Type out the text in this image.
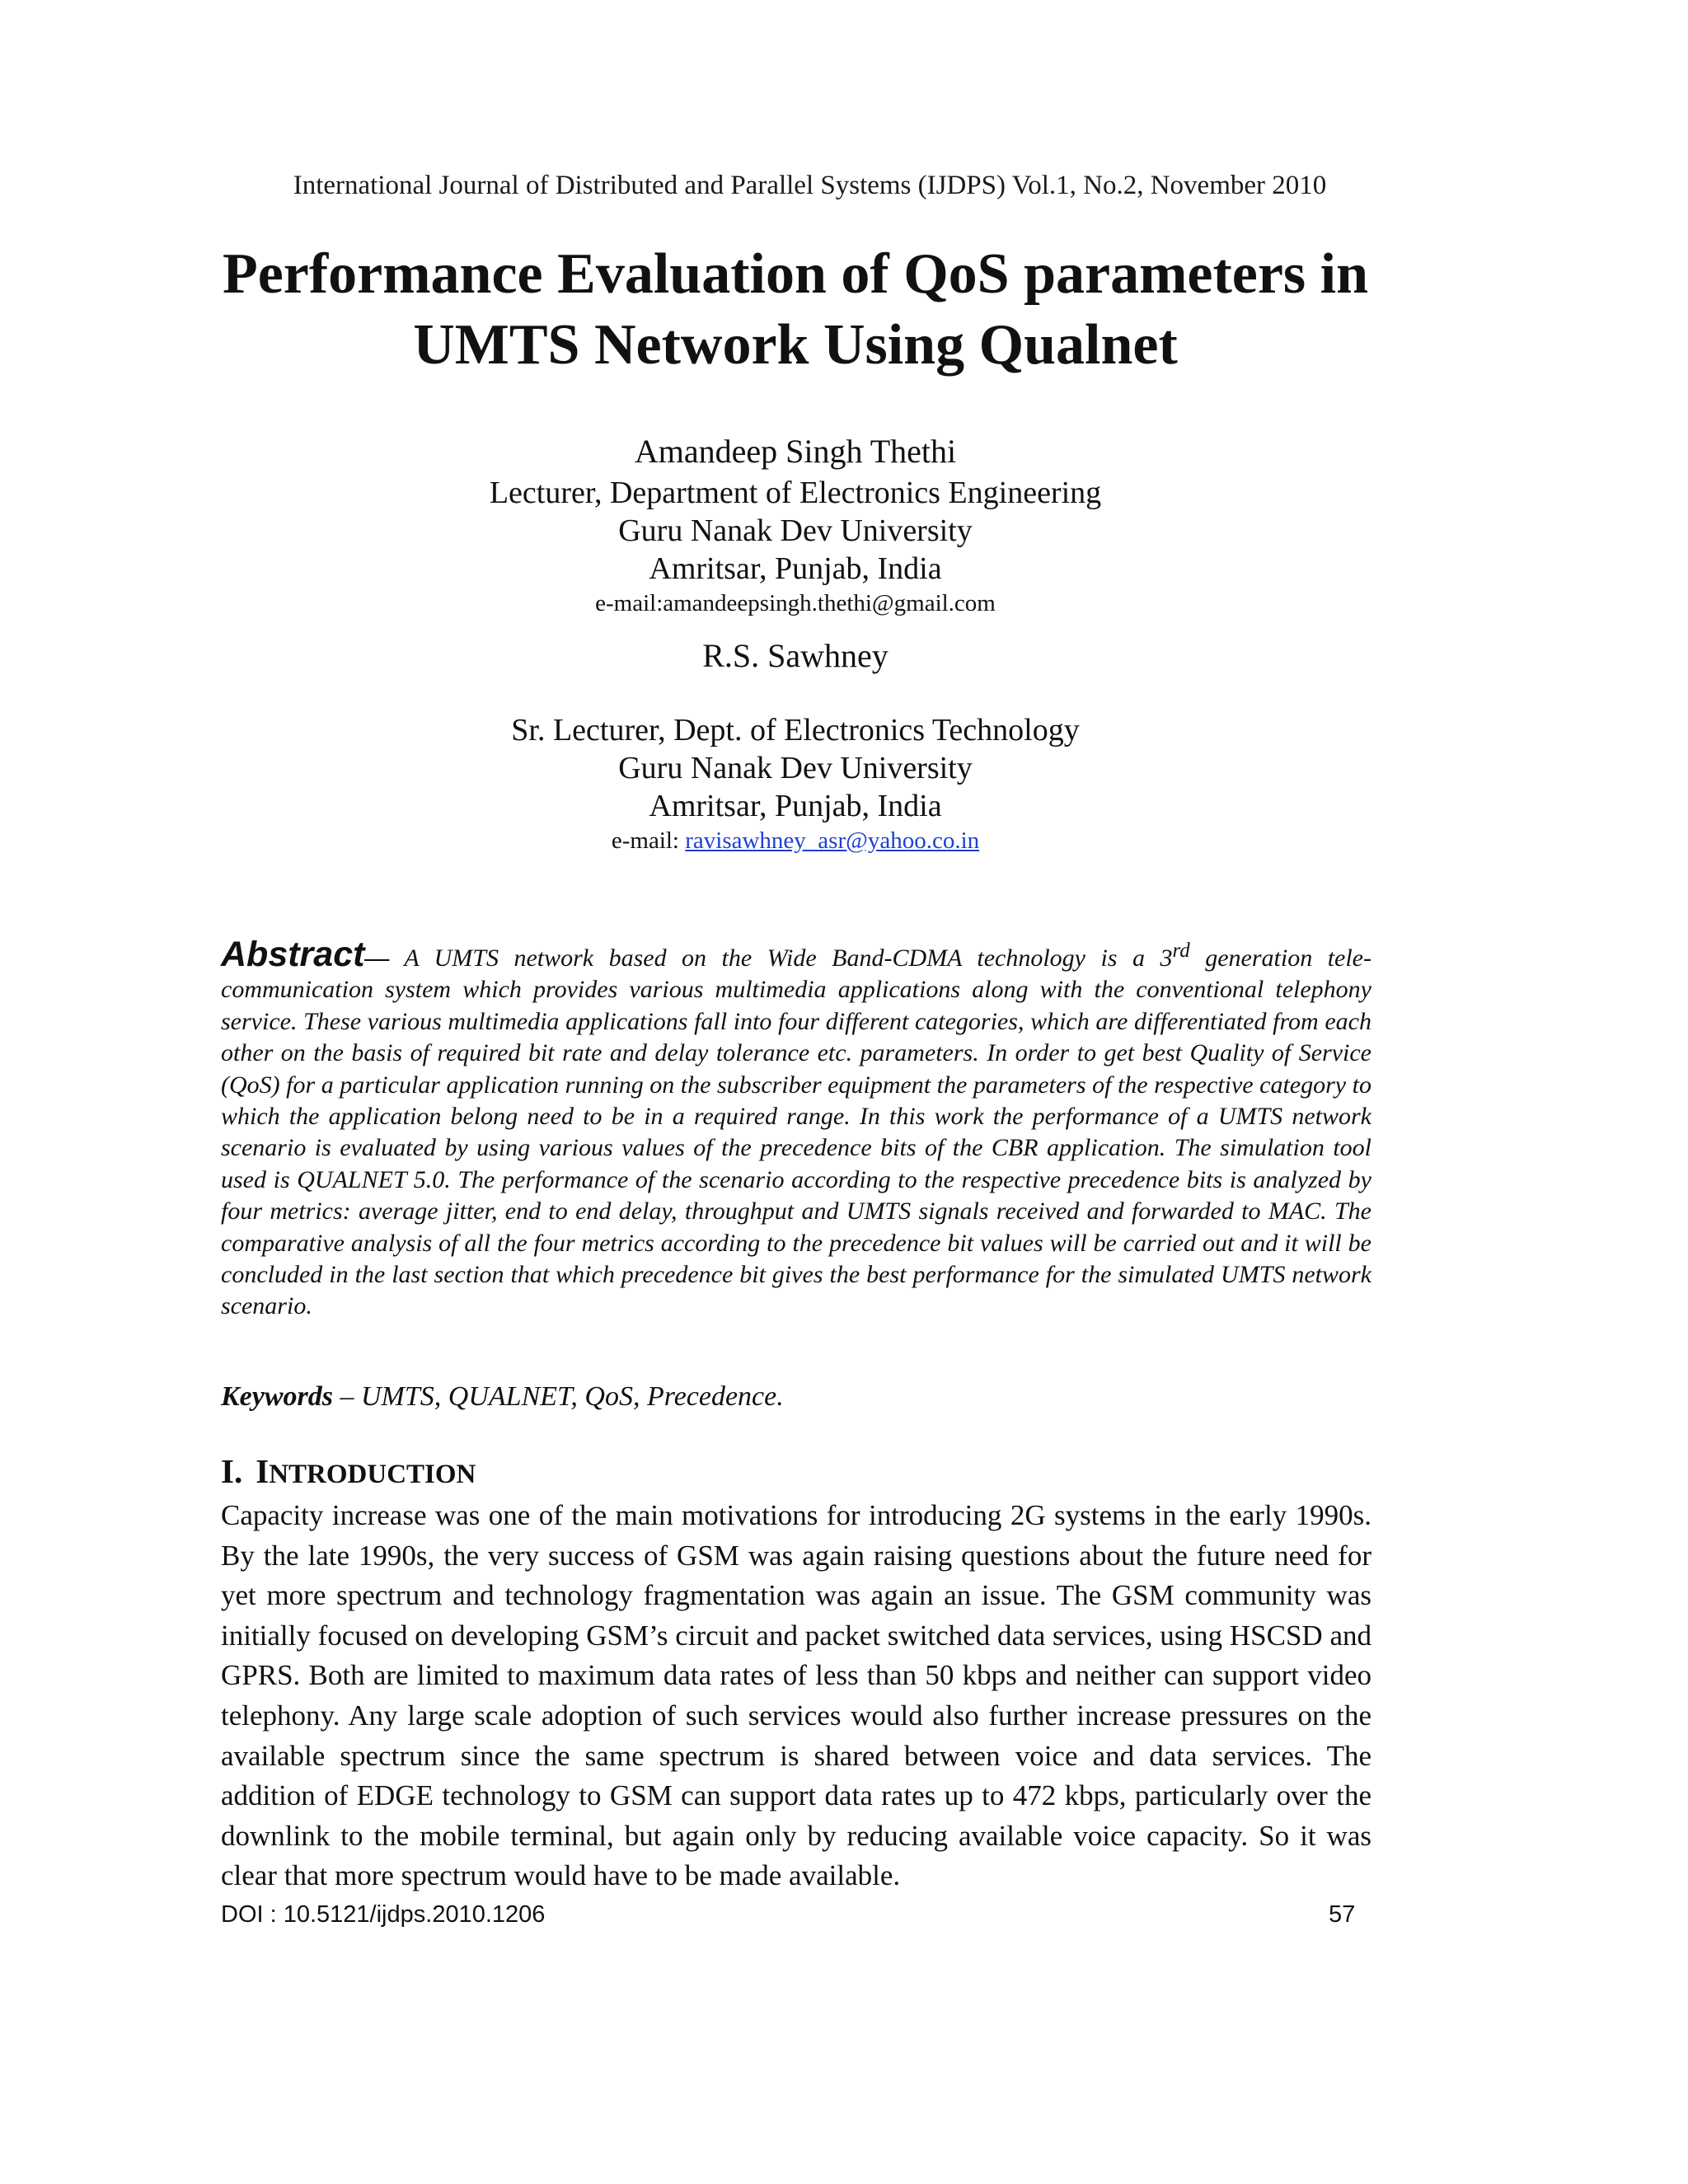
International Journal of Distributed and Parallel Systems (IJDPS) Vol.1, No.2, November 2010
Performance Evaluation of QoS parameters in
UMTS Network Using Qualnet
Amandeep Singh Thethi
Lecturer, Department of Electronics Engineering
Guru Nanak Dev University
Amritsar, Punjab, India
e-mail:amandeepsingh.thethi@gmail.com
R.S. Sawhney
Sr. Lecturer, Dept. of Electronics Technology
Guru Nanak Dev University
Amritsar, Punjab, India
e-mail: ravisawhney_asr@yahoo.co.in
Abstract— A UMTS network based on the Wide Band-CDMA technology is a 3rd generation tele-communication system which provides various multimedia applications along with the conventional telephony service. These various multimedia applications fall into four different categories, which are differentiated from each other on the basis of required bit rate and delay tolerance etc. parameters. In order to get best Quality of Service (QoS) for a particular application running on the subscriber equipment the parameters of the respective category to which the application belong need to be in a required range. In this work the performance of a UMTS network scenario is evaluated by using various values of the precedence bits of the CBR application. The simulation tool used is QUALNET 5.0. The performance of the scenario according to the respective precedence bits is analyzed by four metrics: average jitter, end to end delay, throughput and UMTS signals received and forwarded to MAC. The comparative analysis of all the four metrics according to the precedence bit values will be carried out and it will be concluded in the last section that which precedence bit gives the best performance for the simulated UMTS network scenario.
Keywords – UMTS, QUALNET, QoS, Precedence.
I. INTRODUCTION
Capacity increase was one of the main motivations for introducing 2G systems in the early 1990s. By the late 1990s, the very success of GSM was again raising questions about the future need for yet more spectrum and technology fragmentation was again an issue. The GSM community was initially focused on developing GSM’s circuit and packet switched data services, using HSCSD and GPRS. Both are limited to maximum data rates of less than 50 kbps and neither can support video telephony. Any large scale adoption of such services would also further increase pressures on the available spectrum since the same spectrum is shared between voice and data services. The addition of EDGE technology to GSM can support data rates up to 472 kbps, particularly over the downlink to the mobile terminal, but again only by reducing available voice capacity. So it was clear that more spectrum would have to be made available.
DOI : 10.5121/ijdps.2010.1206	57
